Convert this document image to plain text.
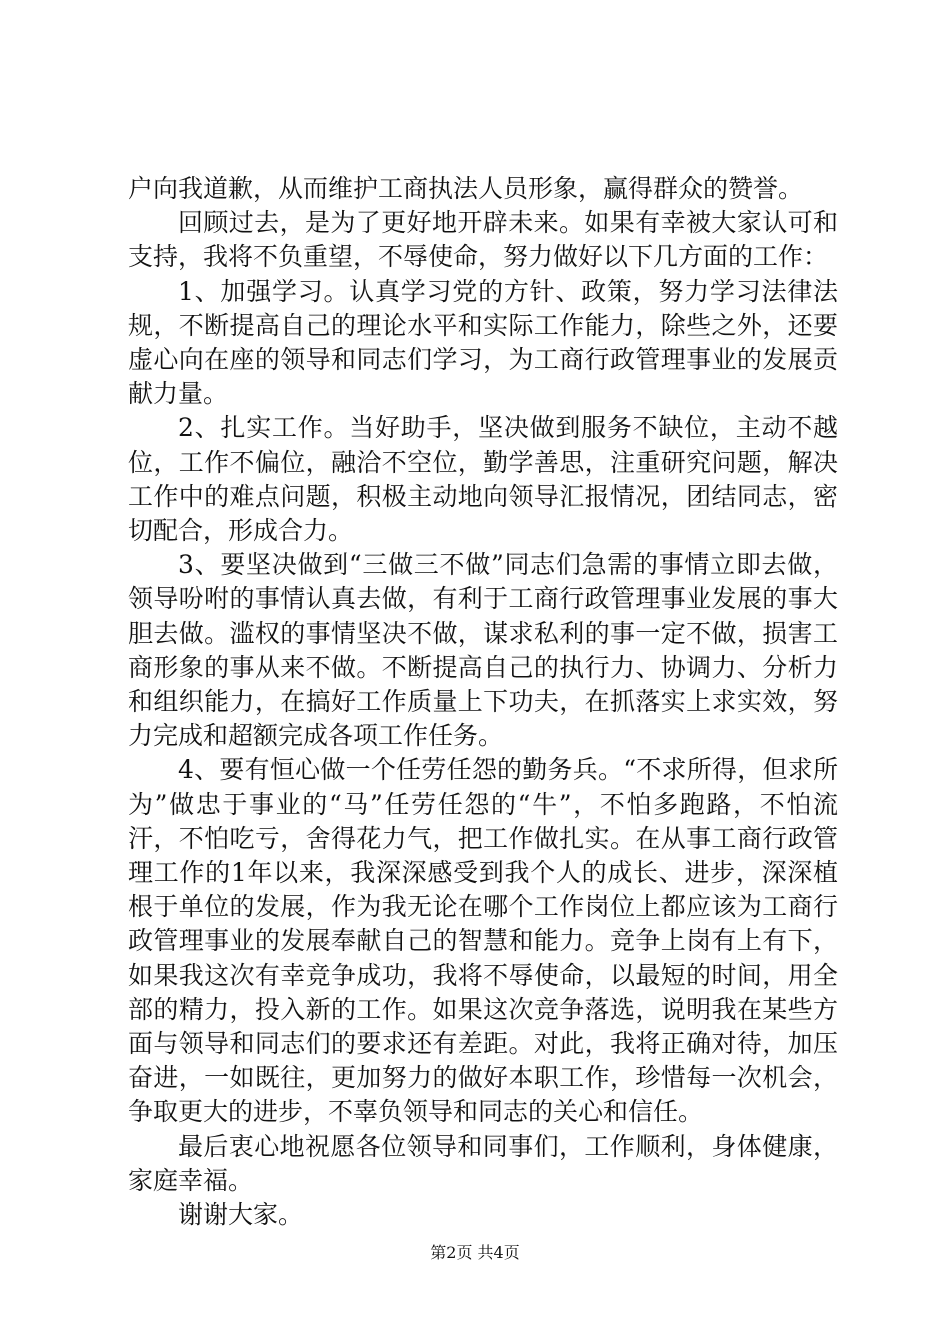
户向我道歉，从而维护工商执法人员形象，赢得群众的赞誉。

回顾过去，是为了更好地开辟未来。如果有幸被大家认可和支持，我将不负重望，不辱使命，努力做好以下几方面的工作：

1、加强学习。认真学习党的方针、政策，努力学习法律法规，不断提高自己的理论水平和实际工作能力，除些之外，还要虚心向在座的领导和同志们学习，为工商行政管理事业的发展贡献力量。

2、扎实工作。当好助手，坚决做到服务不缺位，主动不越位，工作不偏位，融洽不空位，勤学善思，注重研究问题，解决工作中的难点问题，积极主动地向领导汇报情况，团结同志，密切配合，形成合力。

3、要坚决做到“三做三不做”同志们急需的事情立即去做，领导吩咐的事情认真去做，有利于工商行政管理事业发展的事大胆去做。滥权的事情坚决不做，谋求私利的事一定不做，损害工商形象的事从来不做。不断提高自己的执行力、协调力、分析力和组织能力，在搞好工作质量上下功夫，在抓落实上求实效，努力完成和超额完成各项工作任务。

4、要有恒心做一个任劳任怨的勤务兵。“不求所得，但求所为”做忠于事业的“马”任劳任怨的“牛”，不怕多跑路，不怕流汗，不怕吃亏，舍得花力气，把工作做扎实。在从事工商行政管理工作的1年以来，我深深感受到我个人的成长、进步，深深植根于单位的发展，作为我无论在哪个工作岗位上都应该为工商行政管理事业的发展奉献自己的智慧和能力。竞争上岗有上有下，如果我这次有幸竞争成功，我将不辱使命，以最短的时间，用全部的精力，投入新的工作。如果这次竞争落选，说明我在某些方面与领导和同志们的要求还有差距。对此，我将正确对待，加压奋进，一如既往，更加努力的做好本职工作，珍惜每一次机会，争取更大的进步，不辜负领导和同志的关心和信任。

最后衷心地祝愿各位领导和同事们，工作顺利，身体健康，家庭幸福。

谢谢大家。

第2页 共4页
